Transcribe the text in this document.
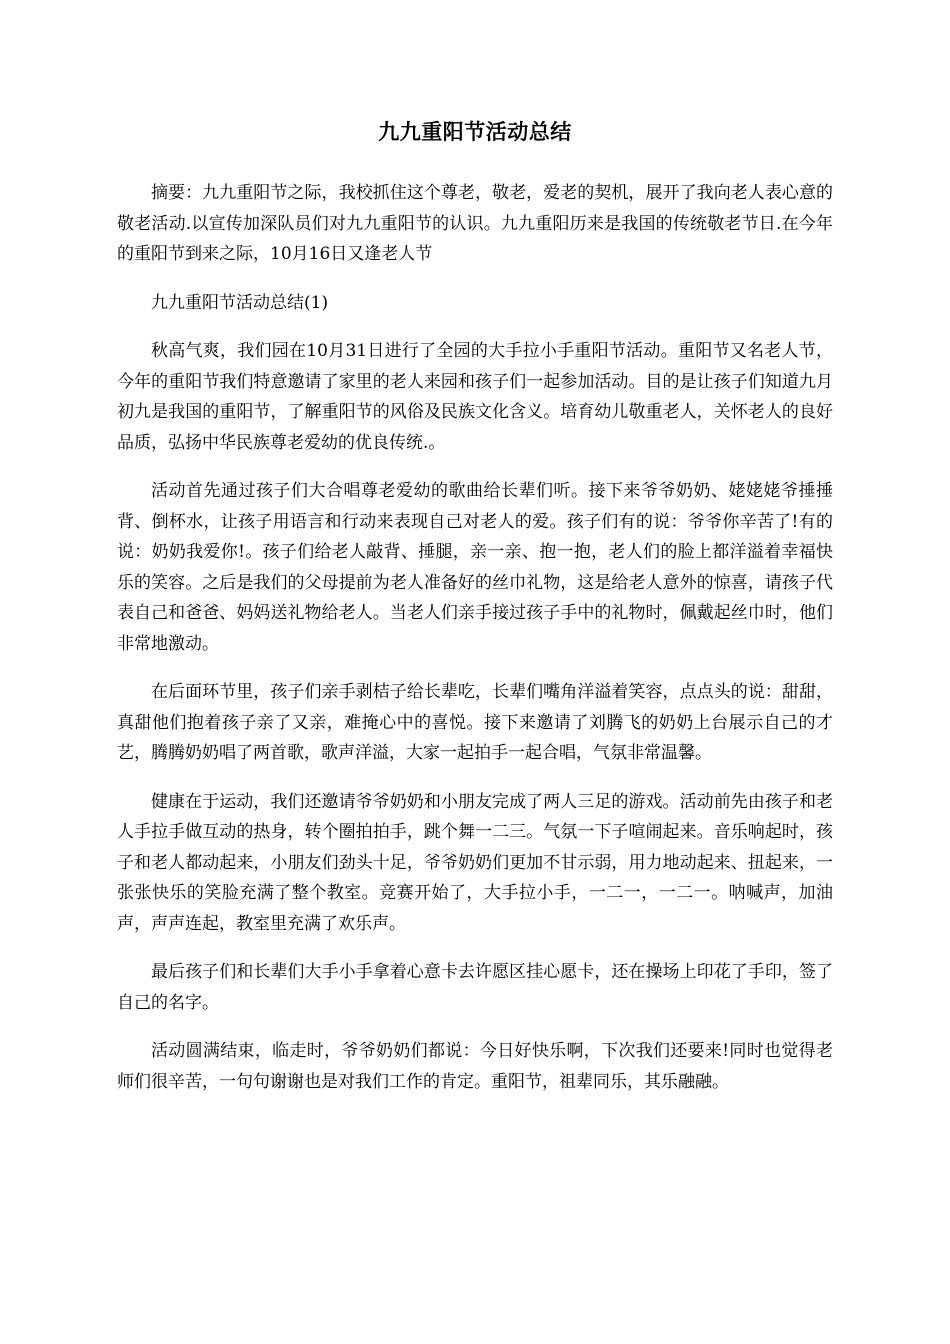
九九重阳节活动总结

摘要：九九重阳节之际，我校抓住这个尊老，敬老，爱老的契机，展开了我向老人表心意的敬老活动.以宣传加深队员们对九九重阳节的认识。九九重阳历来是我国的传统敬老节日.在今年的重阳节到来之际，10月16日又逢老人节

九九重阳节活动总结(1)

秋高气爽，我们园在10月31日进行了全园的大手拉小手重阳节活动。重阳节又名老人节，今年的重阳节我们特意邀请了家里的老人来园和孩子们一起参加活动。目的是让孩子们知道九月初九是我国的重阳节，了解重阳节的风俗及民族文化含义。培育幼儿敬重老人，关怀老人的良好品质，弘扬中华民族尊老爱幼的优良传统.。

活动首先通过孩子们大合唱尊老爱幼的歌曲给长辈们听。接下来爷爷奶奶、姥姥姥爷捶捶背、倒杯水，让孩子用语言和行动来表现自己对老人的爱。孩子们有的说：爷爷你辛苦了!有的说：奶奶我爱你!。孩子们给老人敲背、捶腿，亲一亲、抱一抱，老人们的脸上都洋溢着幸福快乐的笑容。之后是我们的父母提前为老人准备好的丝巾礼物，这是给老人意外的惊喜，请孩子代表自己和爸爸、妈妈送礼物给老人。当老人们亲手接过孩子手中的礼物时，佩戴起丝巾时，他们非常地激动。

在后面环节里，孩子们亲手剥桔子给长辈吃，长辈们嘴角洋溢着笑容，点点头的说：甜甜，真甜他们抱着孩子亲了又亲，难掩心中的喜悦。接下来邀请了刘腾飞的奶奶上台展示自己的才艺，腾腾奶奶唱了两首歌，歌声洋溢，大家一起拍手一起合唱，气氛非常温馨。

健康在于运动，我们还邀请爷爷奶奶和小朋友完成了两人三足的游戏。活动前先由孩子和老人手拉手做互动的热身，转个圈拍拍手，跳个舞一二三。气氛一下子喧闹起来。音乐响起时，孩子和老人都动起来，小朋友们劲头十足，爷爷奶奶们更加不甘示弱，用力地动起来、扭起来，一张张快乐的笑脸充满了整个教室。竞赛开始了，大手拉小手，一二一，一二一。呐喊声，加油声，声声连起，教室里充满了欢乐声。

最后孩子们和长辈们大手小手拿着心意卡去许愿区挂心愿卡，还在操场上印花了手印，签了自己的名字。

活动圆满结束，临走时，爷爷奶奶们都说：今日好快乐啊，下次我们还要来!同时也觉得老师们很辛苦，一句句谢谢也是对我们工作的肯定。重阳节，祖辈同乐，其乐融融。
